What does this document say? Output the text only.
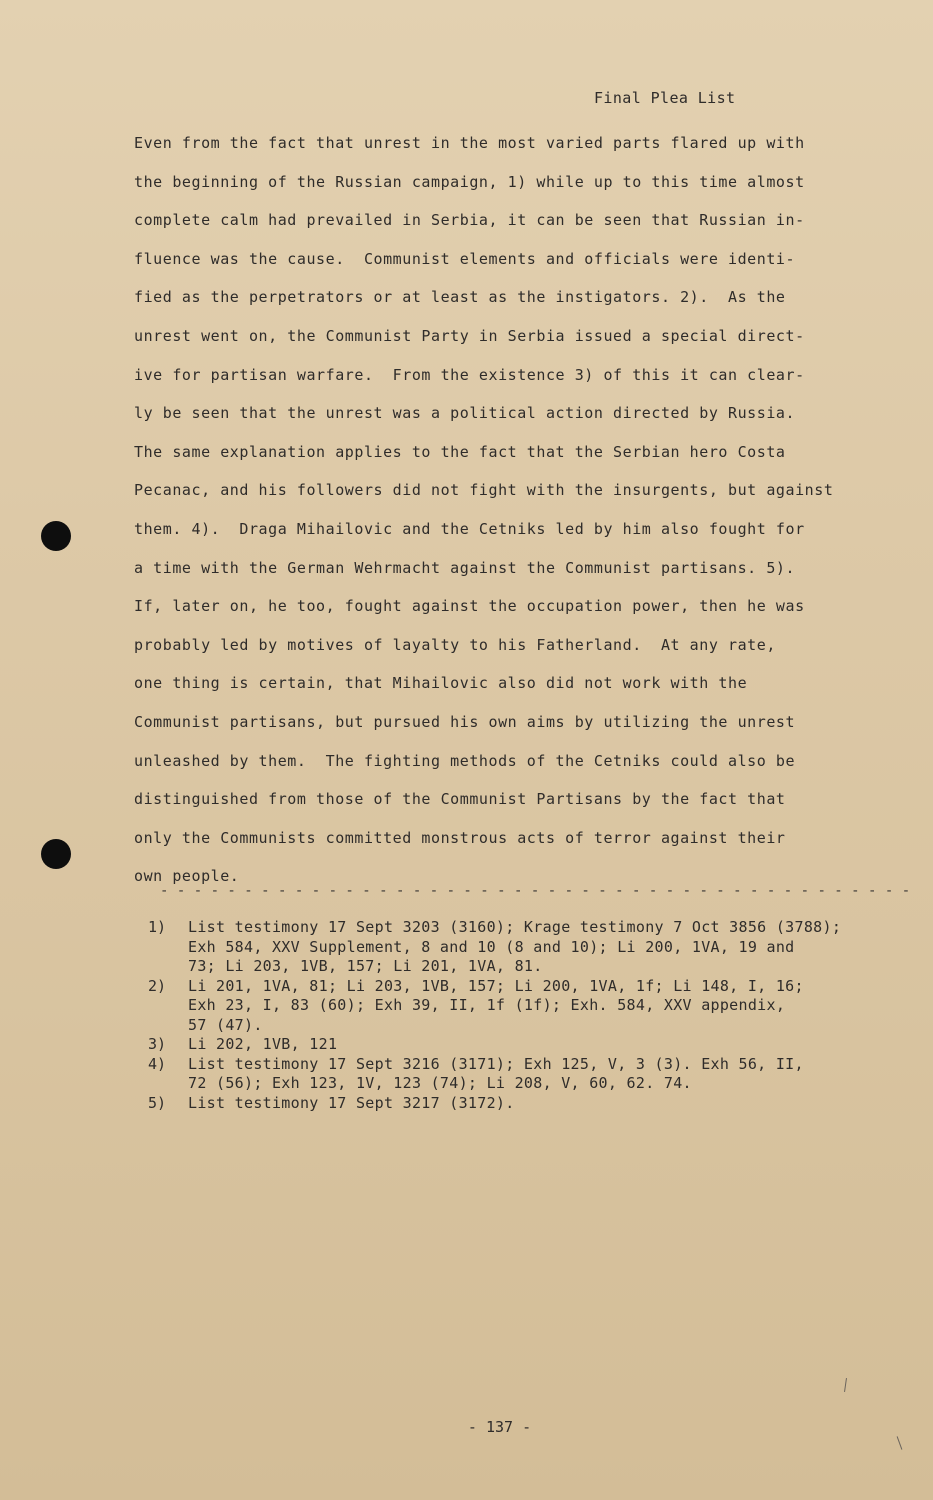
Final Plea List
Even from the fact that unrest in the most varied parts flared up with
the beginning of the Russian campaign, 1) while up to this time almost
complete calm had prevailed in Serbia, it can be seen that Russian in-
fluence was the cause.  Communist elements and officials were identi-
fied as the perpetrators or at least as the instigators. 2).  As the
unrest went on, the Communist Party in Serbia issued a special direct-
ive for partisan warfare.  From the existence 3) of this it can clear-
ly be seen that the unrest was a political action directed by Russia.
The same explanation applies to the fact that the Serbian hero Costa
Pecanac, and his followers did not fight with the insurgents, but against
them. 4).  Draga Mihailovic and the Cetniks led by him also fought for
a time with the German Wehrmacht against the Communist partisans. 5).
If, later on, he too, fought against the occupation power, then he was
probably led by motives of layalty to his Fatherland.  At any rate,
one thing is certain, that Mihailovic also did not work with the
Communist partisans, but pursued his own aims by utilizing the unrest
unleashed by them.  The fighting methods of the Cetniks could also be
distinguished from those of the Communist Partisans by the fact that
only the Communists committed monstrous acts of terror against their
own people.
- - - - - - - - - - - - - - - - - - - - - - - - - - - - - - - - - - - - - - - - - - - - -
1)	List testimony 17 Sept 3203 (3160); Krage testimony 7 Oct 3856 (3788);
Exh 584, XXV Supplement, 8 and 10 (8 and 10); Li 200, 1VA, 19 and
73; Li 203, 1VB, 157; Li 201, 1VA, 81.
2)	Li 201, 1VA, 81; Li 203, 1VB, 157; Li 200, 1VA, 1f; Li 148, I, 16;
Exh 23, I, 83 (60); Exh 39, II, 1f (1f); Exh. 584, XXV appendix,
57 (47).
3)	Li 202, 1VB, 121
4)	List testimony 17 Sept 3216 (3171); Exh 125, V, 3 (3). Exh 56, II,
72 (56); Exh 123, 1V, 123 (74); Li 208, V, 60, 62. 74.
5)	List testimony 17 Sept 3217 (3172).
- 137 -
